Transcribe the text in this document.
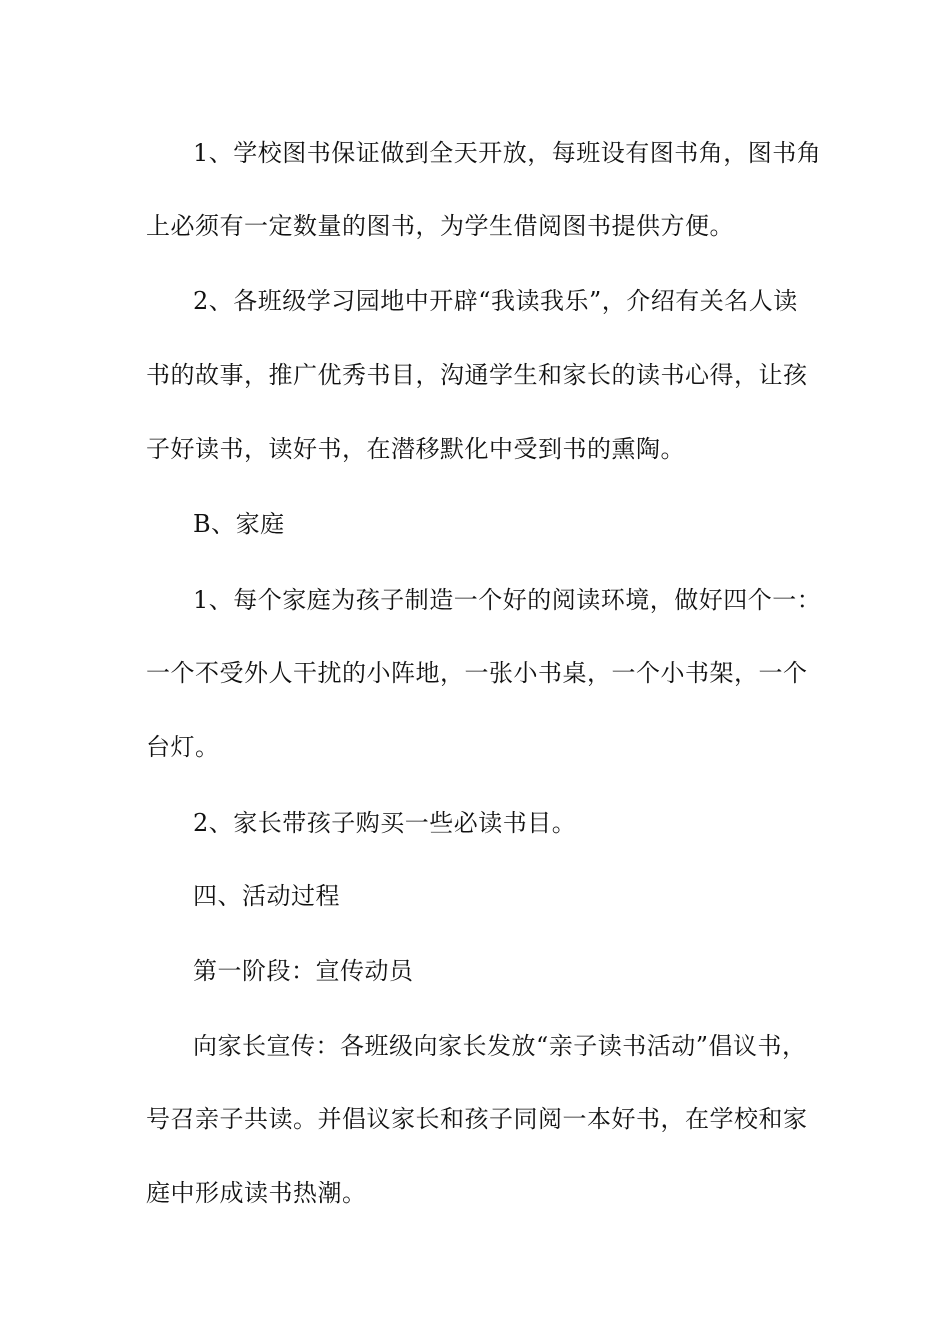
1、学校图书保证做到全天开放，每班设有图书角，图书角
上必须有一定数量的图书，为学生借阅图书提供方便。
2、各班级学习园地中开辟“我读我乐”，介绍有关名人读
书的故事，推广优秀书目，沟通学生和家长的读书心得，让孩
子好读书，读好书，在潜移默化中受到书的熏陶。
B、家庭
1、每个家庭为孩子制造一个好的阅读环境，做好四个一：
一个不受外人干扰的小阵地，一张小书桌，一个小书架，一个
台灯。
2、家长带孩子购买一些必读书目。
四、活动过程
第一阶段：宣传动员
向家长宣传：各班级向家长发放“亲子读书活动”倡议书，
号召亲子共读。并倡议家长和孩子同阅一本好书，在学校和家
庭中形成读书热潮。
